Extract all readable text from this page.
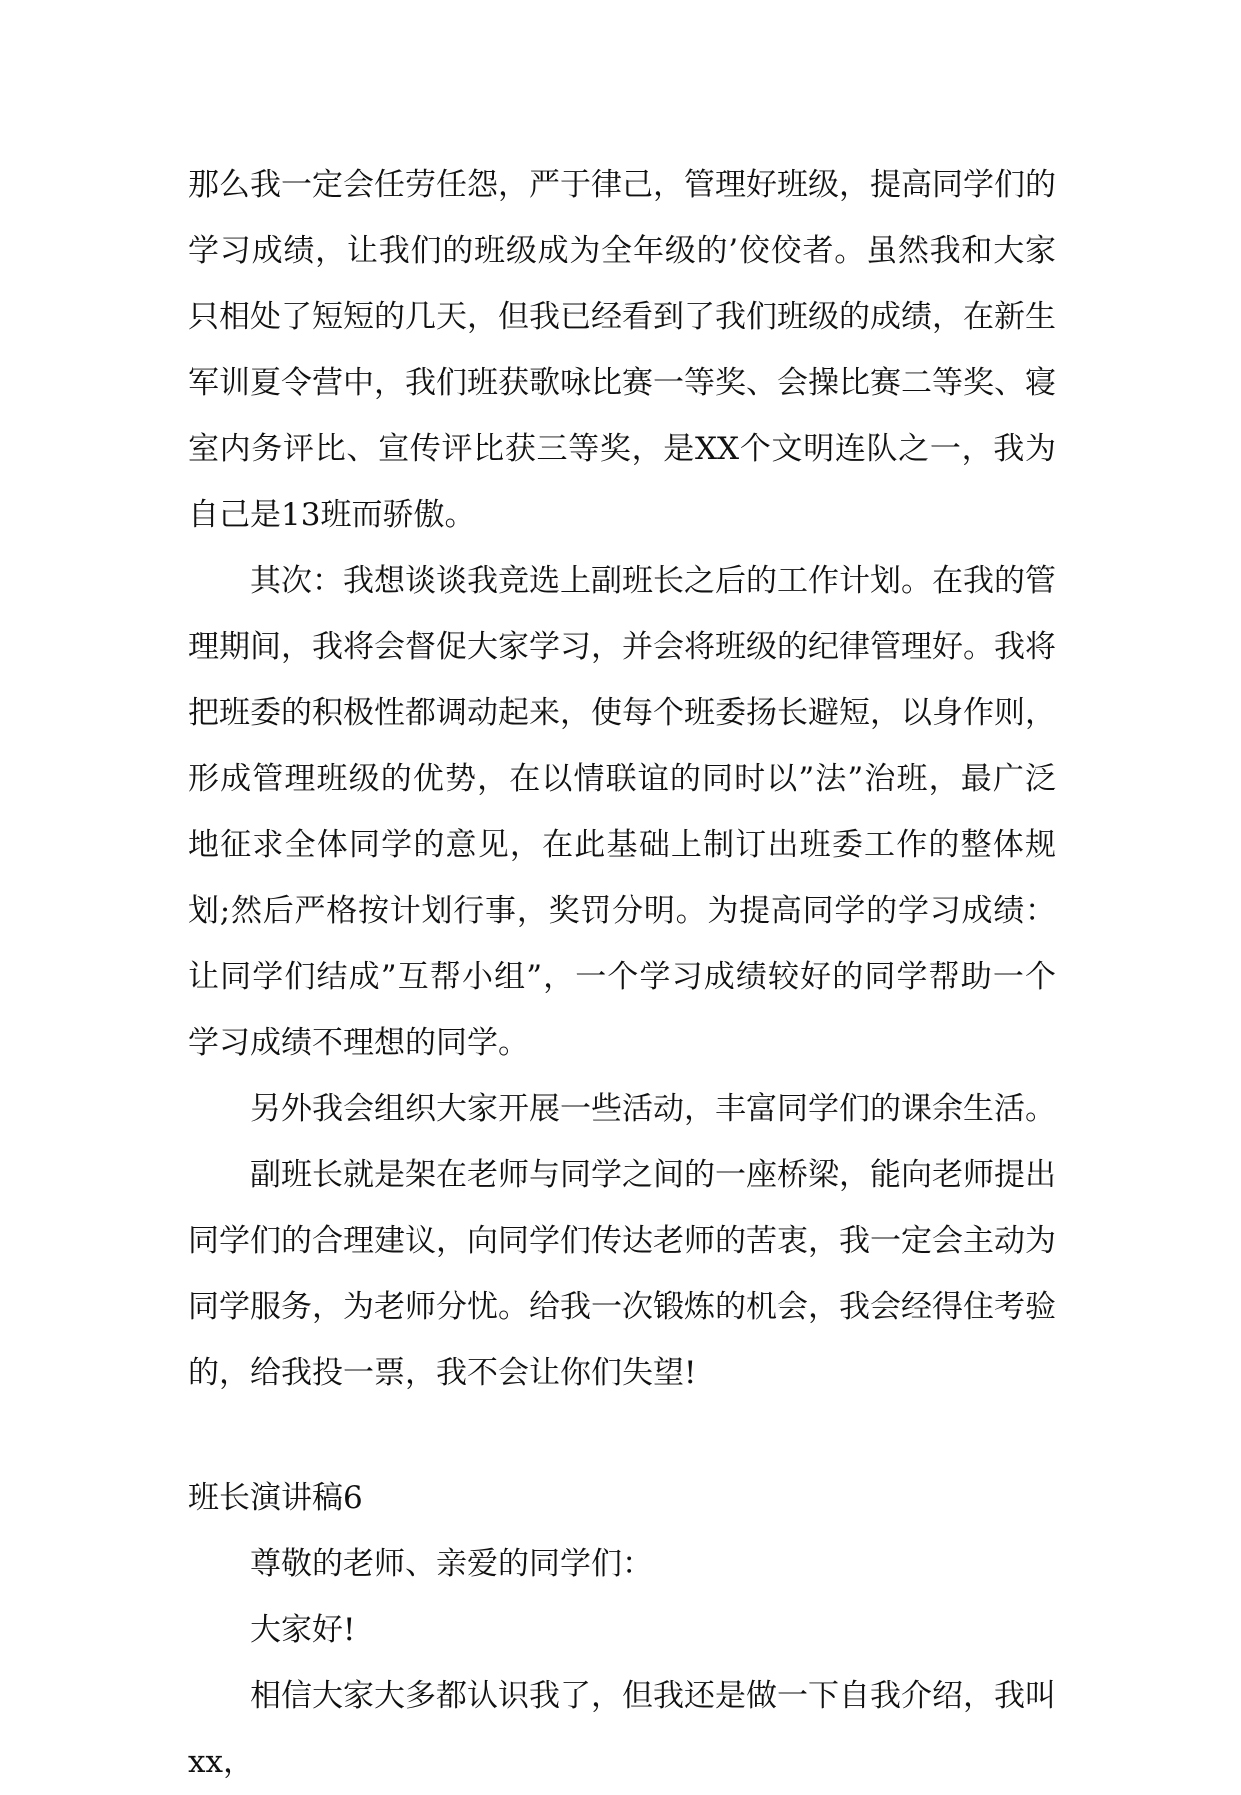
那么我一定会任劳任怨，严于律己，管理好班级，提高同学们的学习成绩，让我们的班级成为全年级的’佼佼者。虽然我和大家只相处了短短的几天，但我已经看到了我们班级的成绩，在新生军训夏令营中，我们班获歌咏比赛一等奖、会操比赛二等奖、寝室内务评比、宣传评比获三等奖，是XX个文明连队之一，我为自己是13班而骄傲。

其次：我想谈谈我竞选上副班长之后的工作计划。在我的管理期间，我将会督促大家学习，并会将班级的纪律管理好。我将把班委的积极性都调动起来，使每个班委扬长避短，以身作则，形成管理班级的优势，在以情联谊的同时以”法”治班，最广泛地征求全体同学的意见，在此基础上制订出班委工作的整体规划;然后严格按计划行事，奖罚分明。为提高同学的学习成绩：让同学们结成”互帮小组”，一个学习成绩较好的同学帮助一个学习成绩不理想的同学。

另外我会组织大家开展一些活动，丰富同学们的课余生活。

副班长就是架在老师与同学之间的一座桥梁，能向老师提出同学们的合理建议，向同学们传达老师的苦衷，我一定会主动为同学服务，为老师分忧。给我一次锻炼的机会，我会经得住考验的，给我投一票，我不会让你们失望!

班长演讲稿6

尊敬的老师、亲爱的同学们：

大家好!

相信大家大多都认识我了，但我还是做一下自我介绍，我叫xx，
